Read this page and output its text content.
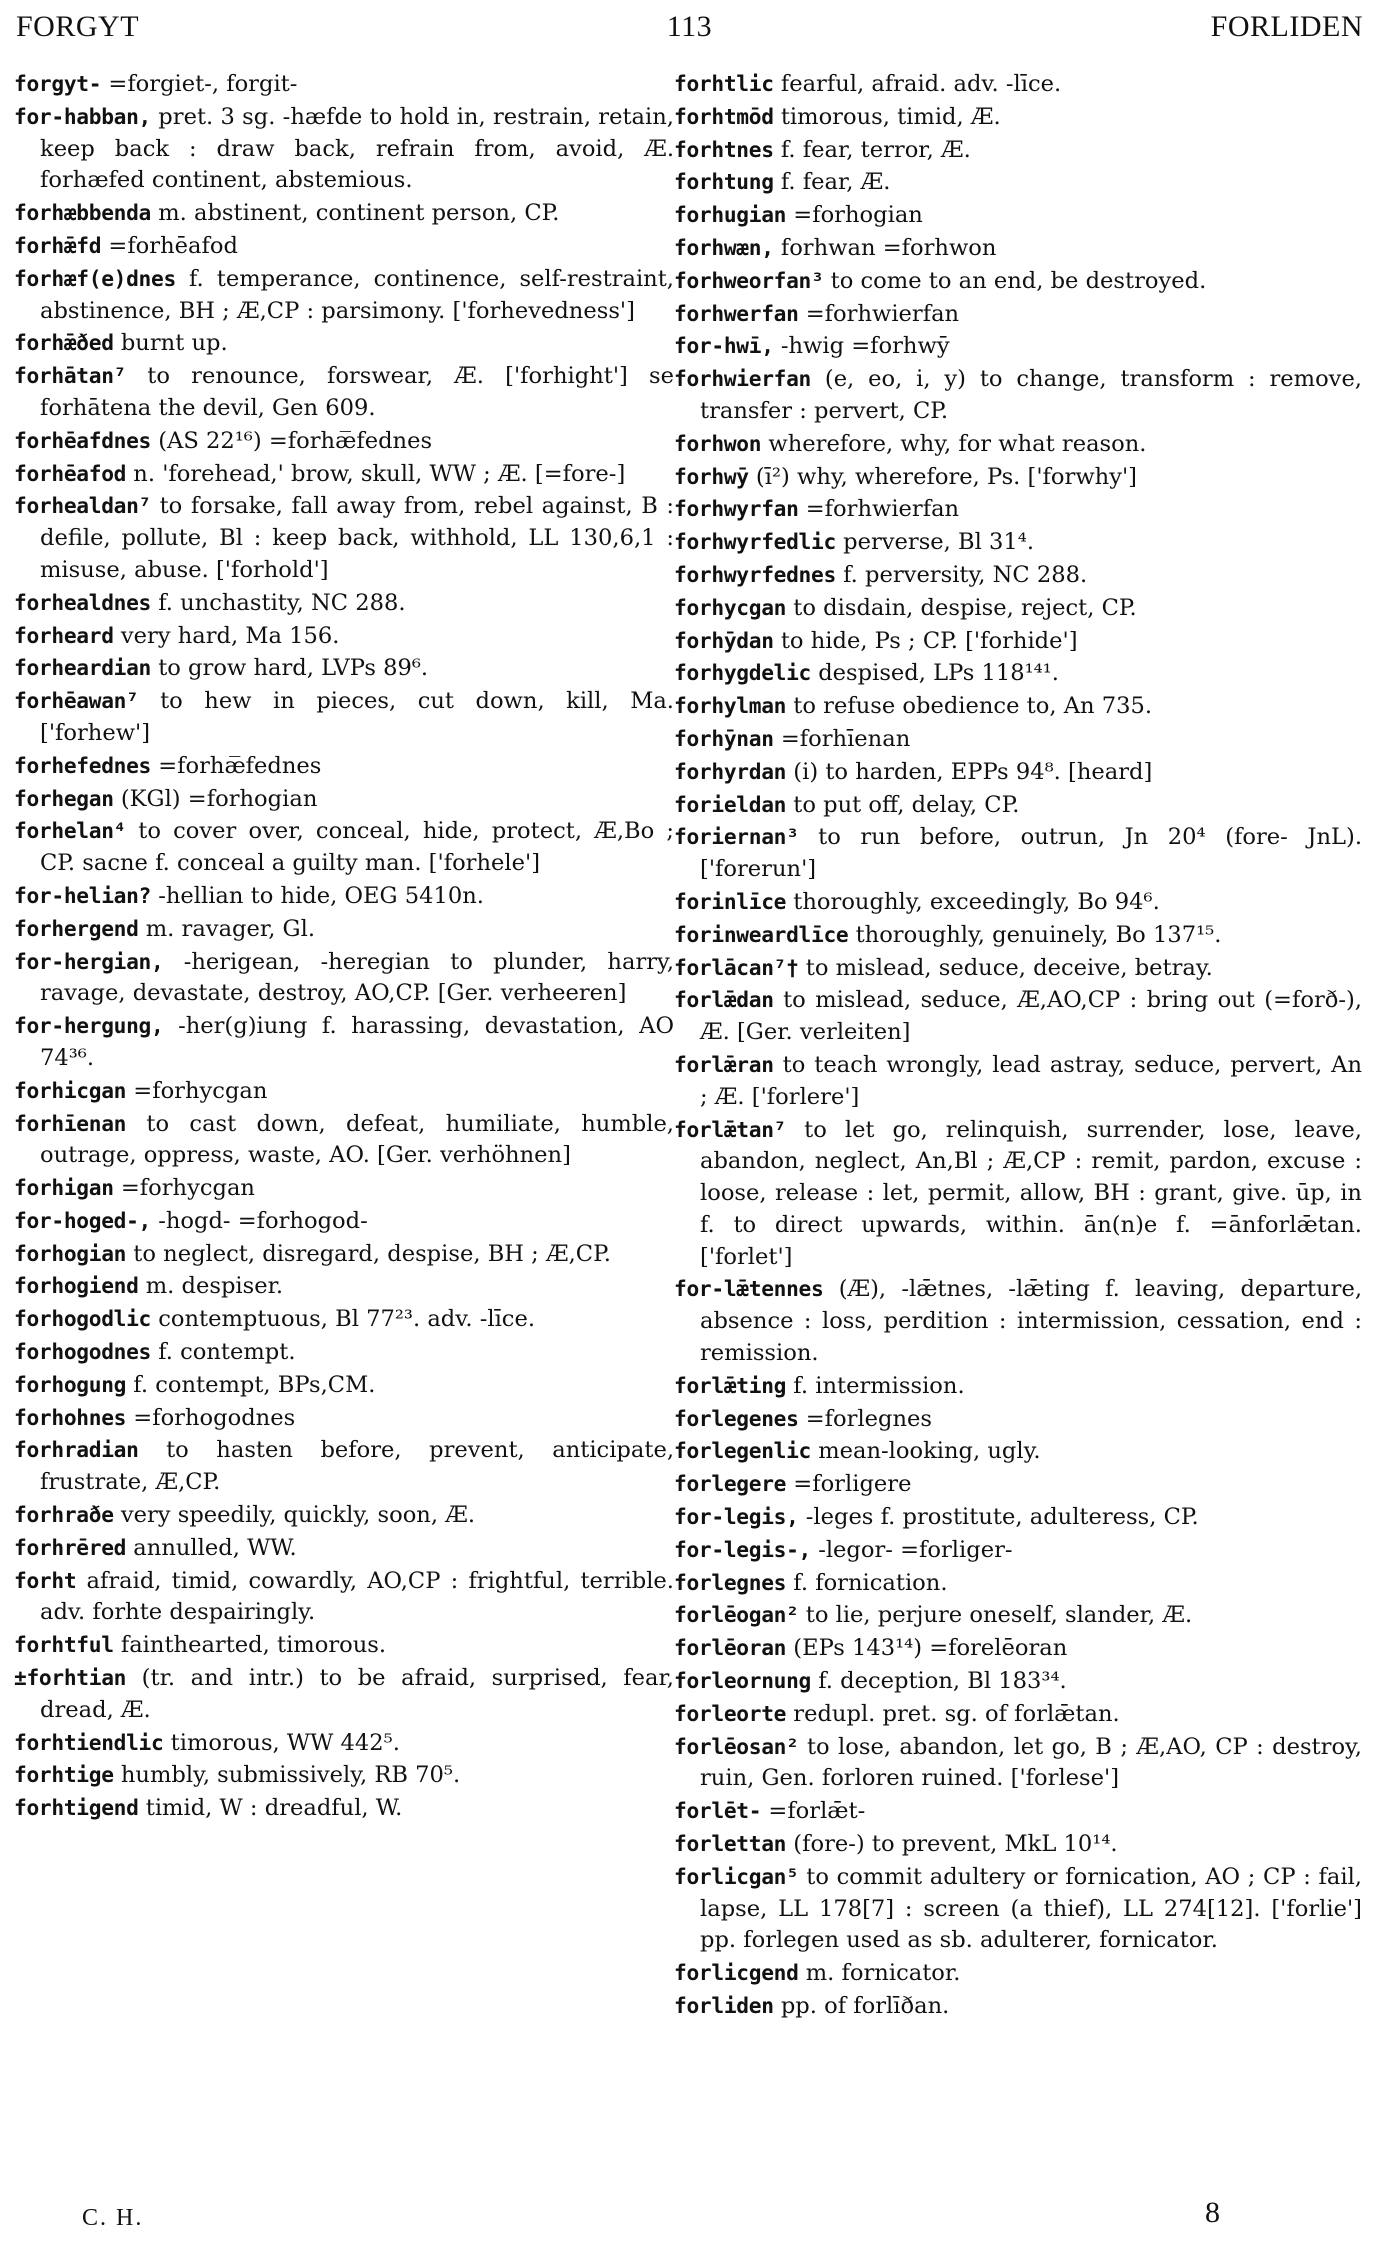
FORGYT	113	FORLIDEN
forgyt- =forgiet-, forgit-
for-habban, pret. 3 sg. -hæfde to hold in, restrain, retain, keep back : draw back, refrain from, avoid, Æ. forhæfed continent, abstemious.
forhæbbenda m. abstinent, continent person, CP.
forhǣfd =forhēafod
forhæf(e)dnes f. temperance, continence, self-restraint, abstinence, BH ; Æ,CP : parsimony. ['forhevedness']
forhǣðed burnt up.
forhātan⁷ to renounce, forswear, Æ. ['forhight'] se forhātena the devil, Gen 609.
forhēafdnes (AS 22¹⁶) =forhæ̅fednes
forhēafod n. 'forehead,' brow, skull, WW ; Æ. [=fore-]
forhealdan⁷ to forsake, fall away from, rebel against, B : defile, pollute, Bl : keep back, withhold, LL 130,6,1 : misuse, abuse. ['forhold']
forhealdnes f. unchastity, NC 288.
forheard very hard, Ma 156.
forheardian to grow hard, LVPs 89⁶.
forhēawan⁷ to hew in pieces, cut down, kill, Ma. ['forhew']
forhefednes =forhæ̅fednes
forhegan (KGl) =forhogian
forhelan⁴ to cover over, conceal, hide, protect, Æ,Bo ; CP. sacne f. conceal a guilty man. ['forhele']
for-helian? -hellian to hide, OEG 5410n.
forhergend m. ravager, Gl.
for-hergian, -herigean, -heregian to plunder, harry, ravage, devastate, destroy, AO,CP. [Ger. verheeren]
for-hergung, -her(g)iung f. harassing, devastation, AO 74³⁶.
forhicgan =forhycgan
forhīenan to cast down, defeat, humiliate, humble, outrage, oppress, waste, AO. [Ger. verhöhnen]
forhigan =forhycgan
for-hoged-, -hogd- =forhogod-
forhogian to neglect, disregard, despise, BH ; Æ,CP.
forhogiend m. despiser.
forhogodlic contemptuous, Bl 77²³. adv. -līce.
forhogodnes f. contempt.
forhogung f. contempt, BPs,CM.
forhohnes =forhogodnes
forhradian to hasten before, prevent, anticipate, frustrate, Æ,CP.
forhraðe very speedily, quickly, soon, Æ.
forhrēred annulled, WW.
forht afraid, timid, cowardly, AO,CP : frightful, terrible. adv. forhte despairingly.
forhtful fainthearted, timorous.
±forhtian (tr. and intr.) to be afraid, surprised, fear, dread, Æ.
forhtiendlic timorous, WW 442⁵.
forhtige humbly, submissively, RB 70⁵.
forhtigend timid, W : dreadful, W.
forhtlic fearful, afraid. adv. -līce.
forhtmōd timorous, timid, Æ.
forhtnes f. fear, terror, Æ.
forhtung f. fear, Æ.
forhugian =forhogian
forhwæn, forhwan =forhwon
forhweorfan³ to come to an end, be destroyed.
forhwerfan =forhwierfan
for-hwī, -hwig =forhwȳ
forhwierfan (e, eo, i, y) to change, transform : remove, transfer : pervert, CP.
forhwon wherefore, why, for what reason.
forhwȳ (ī²) why, wherefore, Ps. ['forwhy']
forhwyrfan =forhwierfan
forhwyrfedlic perverse, Bl 31⁴.
forhwyrfednes f. perversity, NC 288.
forhycgan to disdain, despise, reject, CP.
forhȳdan to hide, Ps ; CP. ['forhide']
forhygdelic despised, LPs 118¹⁴¹.
forhylman to refuse obedience to, An 735.
forhȳnan =forhīenan
forhyrdan (i) to harden, EPPs 94⁸. [heard]
forieldan to put off, delay, CP.
foriernan³ to run before, outrun, Jn 20⁴ (fore- JnL). ['forerun']
forinlīce thoroughly, exceedingly, Bo 94⁶.
forinweardlīce thoroughly, genuinely, Bo 137¹⁵.
forlācan⁷† to mislead, seduce, deceive, betray.
forlǣdan to mislead, seduce, Æ,AO,CP : bring out (=forð-), Æ. [Ger. verleiten]
forlǣran to teach wrongly, lead astray, seduce, pervert, An ; Æ. ['forlere']
forlǣtan⁷ to let go, relinquish, surrender, lose, leave, abandon, neglect, An,Bl ; Æ,CP : remit, pardon, excuse : loose, release : let, permit, allow, BH : grant, give. ūp, in f. to direct upwards, within. ān(n)e f. =ānforlǣtan. ['forlet']
for-lǣtennes (Æ), -lǣtnes, -lǣting f. leaving, departure, absence : loss, perdition : intermission, cessation, end : remission.
forlǣting f. intermission.
forlegenes =forlegnes
forlegenlic mean-looking, ugly.
forlegere =forligere
for-legis, -leges f. prostitute, adulteress, CP.
for-legis-, -legor- =forliger-
forlegnes f. fornication.
forlēogan² to lie, perjure oneself, slander, Æ.
forlēoran (EPs 143¹⁴) =forelēoran
forleornung f. deception, Bl 183³⁴.
forleorte redupl. pret. sg. of forlǣtan.
forlēosan² to lose, abandon, let go, B ; Æ,AO, CP : destroy, ruin, Gen. forloren ruined. ['forlese']
forlēt- =forlǣt-
forlettan (fore-) to prevent, MkL 10¹⁴.
forlicgan⁵ to commit adultery or fornication, AO ; CP : fail, lapse, LL 178[7] : screen (a thief), LL 274[12]. ['forlie'] pp. forlegen used as sb. adulterer, fornicator.
forlicgend m. fornicator.
forliden pp. of forlīðan.
C. H.	8
